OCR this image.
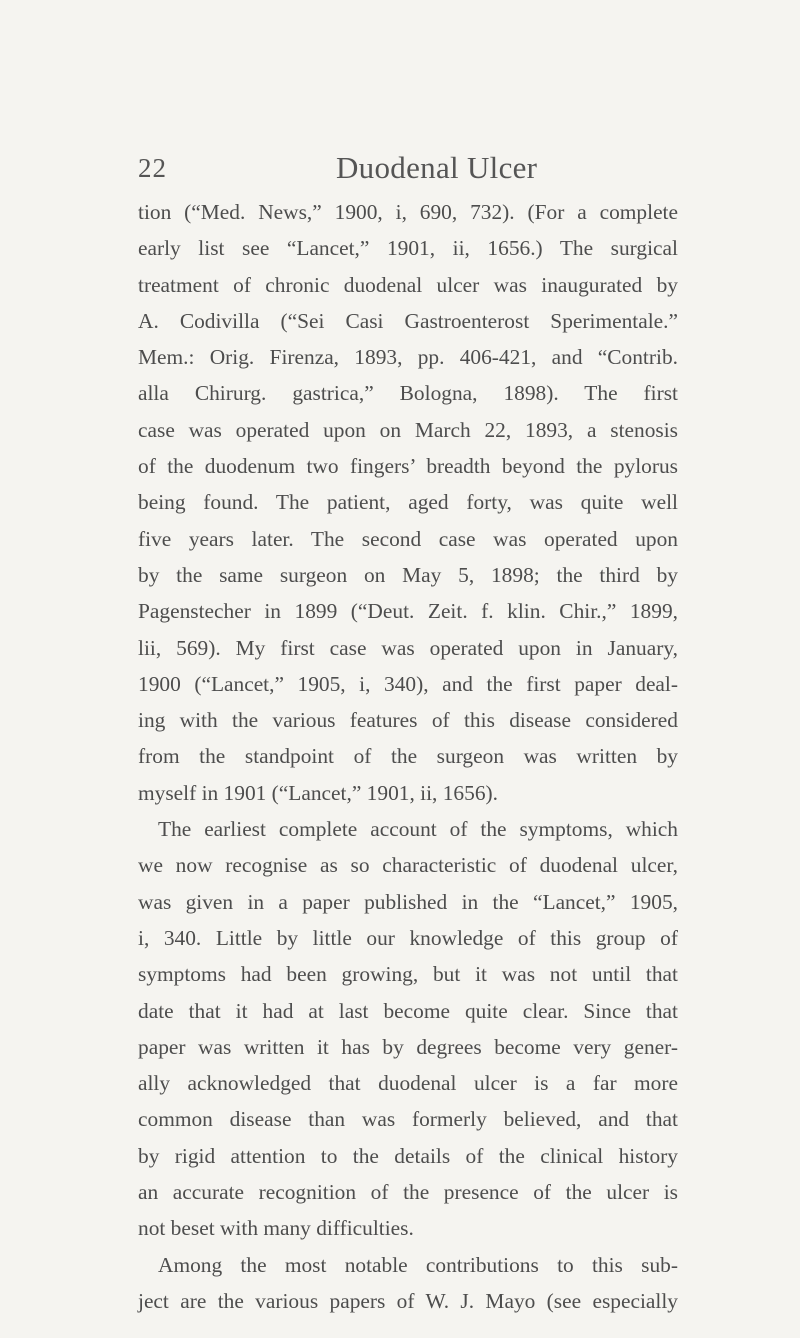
22	Duodenal Ulcer
tion (“Med. News,” 1900, i, 690, 732). (For a complete
early list see “Lancet,” 1901, ii, 1656.) The surgical
treatment of chronic duodenal ulcer was inaugurated by
A. Codivilla (“Sei Casi Gastroenterost Sperimentale.”
Mem.: Orig. Firenza, 1893, pp. 406-421, and “Contrib.
alla Chirurg. gastrica,” Bologna, 1898). The first
case was operated upon on March 22, 1893, a stenosis
of the duodenum two fingers’ breadth beyond the pylorus
being found. The patient, aged forty, was quite well
five years later. The second case was operated upon
by the same surgeon on May 5, 1898; the third by
Pagenstecher in 1899 (“Deut. Zeit. f. klin. Chir.,” 1899,
lii, 569). My first case was operated upon in January,
1900 (“Lancet,” 1905, i, 340), and the first paper deal-
ing with the various features of this disease considered
from the standpoint of the surgeon was written by
myself in 1901 (“Lancet,” 1901, ii, 1656).
The earliest complete account of the symptoms, which
we now recognise as so characteristic of duodenal ulcer,
was given in a paper published in the “Lancet,” 1905,
i, 340. Little by little our knowledge of this group of
symptoms had been growing, but it was not until that
date that it had at last become quite clear. Since that
paper was written it has by degrees become very gener-
ally acknowledged that duodenal ulcer is a far more
common disease than was formerly believed, and that
by rigid attention to the details of the clinical history
an accurate recognition of the presence of the ulcer is
not beset with many difficulties.
Among the most notable contributions to this sub-
ject are the various papers of W. J. Mayo (see especially
